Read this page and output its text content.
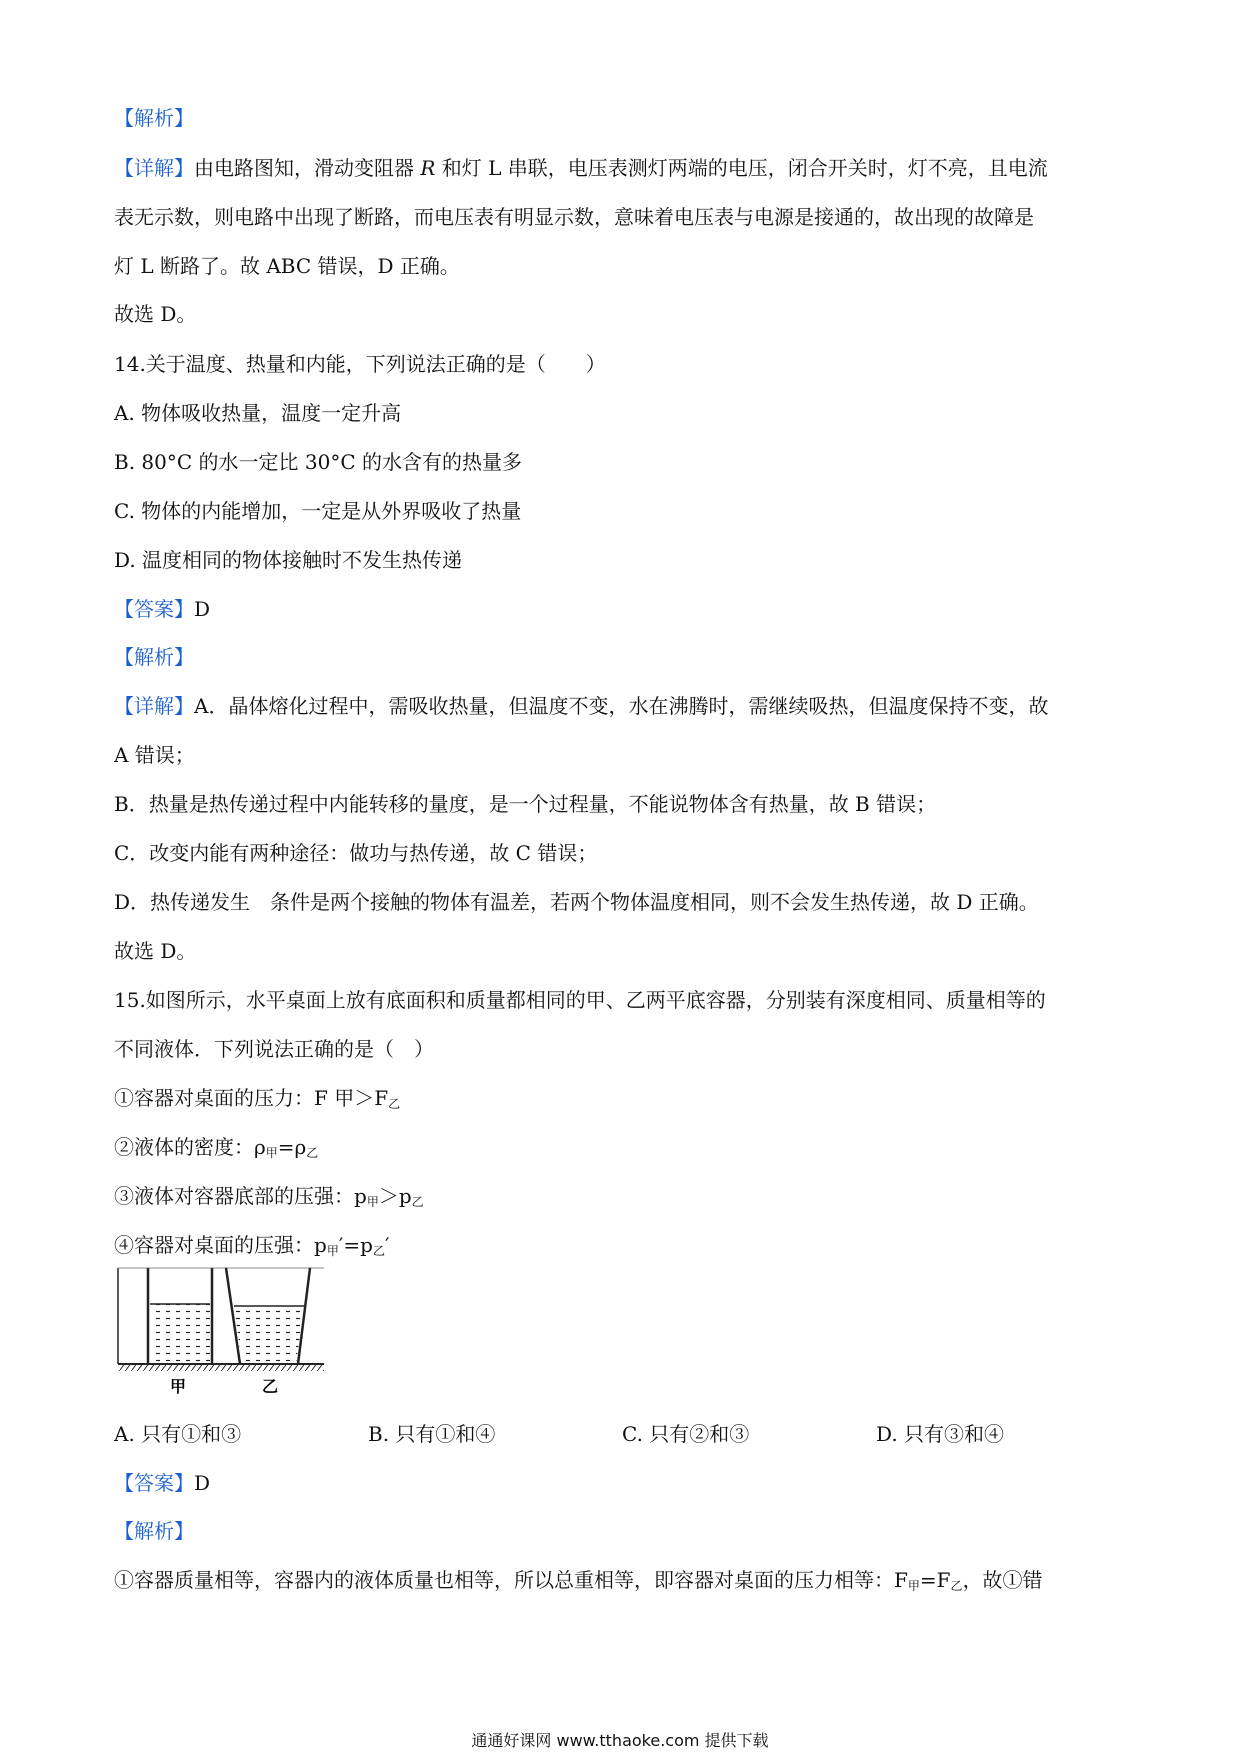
【解析】
【详解】由电路图知，滑动变阻器 R 和灯 L 串联，电压表测灯两端的电压，闭合开关时，灯不亮，且电流
表无示数，则电路中出现了断路，而电压表有明显示数，意味着电压表与电源是接通的，故出现的故障是
灯 L 断路了。故 ABC 错误，D 正确。
故选 D。
14.关于温度、热量和内能，下列说法正确的是（　　）
A. 物体吸收热量，温度一定升高
B. 80°C 的水一定比 30°C 的水含有的热量多
C. 物体的内能增加，一定是从外界吸收了热量
D. 温度相同的物体接触时不发生热传递
【答案】D
【解析】
【详解】A．晶体熔化过程中，需吸收热量，但温度不变，水在沸腾时，需继续吸热，但温度保持不变，故
A 错误；
B．热量是热传递过程中内能转移的量度，是一个过程量，不能说物体含有热量，故 B 错误；
C．改变内能有两种途径：做功与热传递，故 C 错误；
D．热传递发生　条件是两个接触的物体有温差，若两个物体温度相同，则不会发生热传递，故 D 正确。
故选 D。
15.如图所示，水平桌面上放有底面积和质量都相同的甲、乙两平底容器，分别装有深度相同、质量相等的
不同液体．下列说法正确的是（　）
①容器对桌面的压力：F 甲$>F_乙$
②液体的密度：$\rho_甲=\rho_乙$
③液体对容器底部的压强：$p_甲>p_乙$
④容器对桌面的压强：$p_甲'=p_乙'$
甲	乙
A. 只有①和③	B. 只有①和④	C. 只有②和③	D. 只有③和④
【答案】D
【解析】
①容器质量相等，容器内的液体质量也相等，所以总重相等，即容器对桌面的压力相等：$F_甲=F_乙$，故①错
通通好课网 www.tthaoke.com 提供下载
